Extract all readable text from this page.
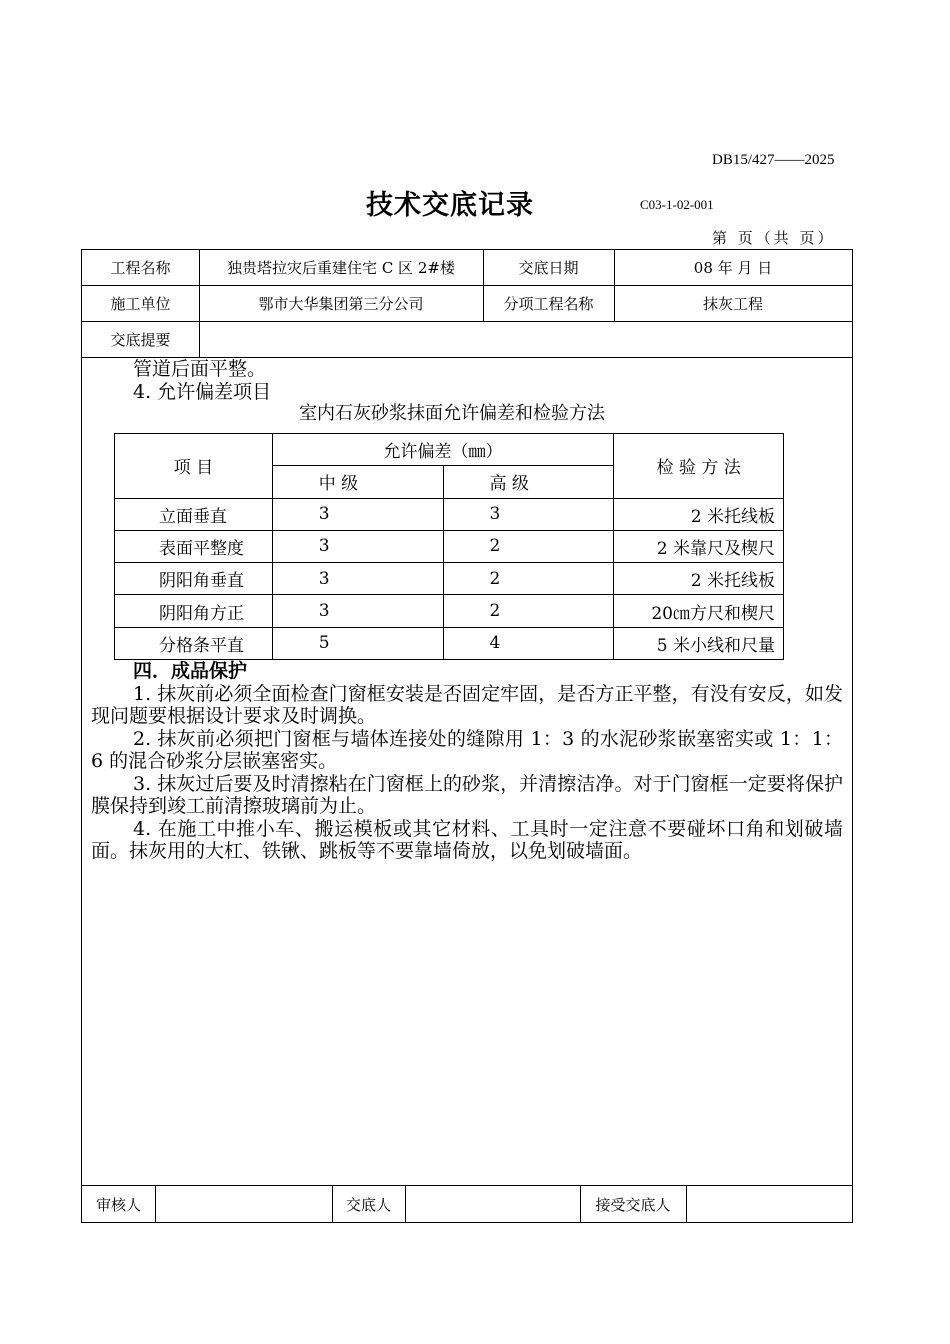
DB15/427——2025
技术交底记录	C03-1-02-001
第 页（共 页）
工程名称	独贵塔拉灾后重建住宅 C 区 2#楼	交底日期	08 年 月 日
施工单位	鄂市大华集团第三分公司	分项工程名称	抹灰工程
交底提要
审核人	交底人	接受交底人

管道后面平整。

4. 允许偏差项目

室内石灰砂浆抹面允许偏差和检验方法

项 目	允许偏差（㎜）		检 验 方 法
	中 级	高 级	
立面垂直	3	3	2 米托线板
表面平整度	3	2	2 米靠尺及楔尺
阴阳角垂直	3	2	2 米托线板
阴阳角方正	3	2	20㎝方尺和楔尺
分格条平直	5	4	5 米小线和尺量

四．成品保护

1. 抹灰前必须全面检查门窗框安装是否固定牢固，是否方正平整，有没有安反，如发现问题要根据设计要求及时调换。

2. 抹灰前必须把门窗框与墙体连接处的缝隙用 1：3 的水泥砂浆嵌塞密实或 1：1：6 的混合砂浆分层嵌塞密实。

3. 抹灰过后要及时清擦粘在门窗框上的砂浆，并清擦洁净。对于门窗框一定要将保护膜保持到竣工前清擦玻璃前为止。

4. 在施工中推小车、搬运模板或其它材料、工具时一定注意不要碰坏口角和划破墙面。抹灰用的大杠、铁锹、跳板等不要靠墙倚放，以免划破墙面。
